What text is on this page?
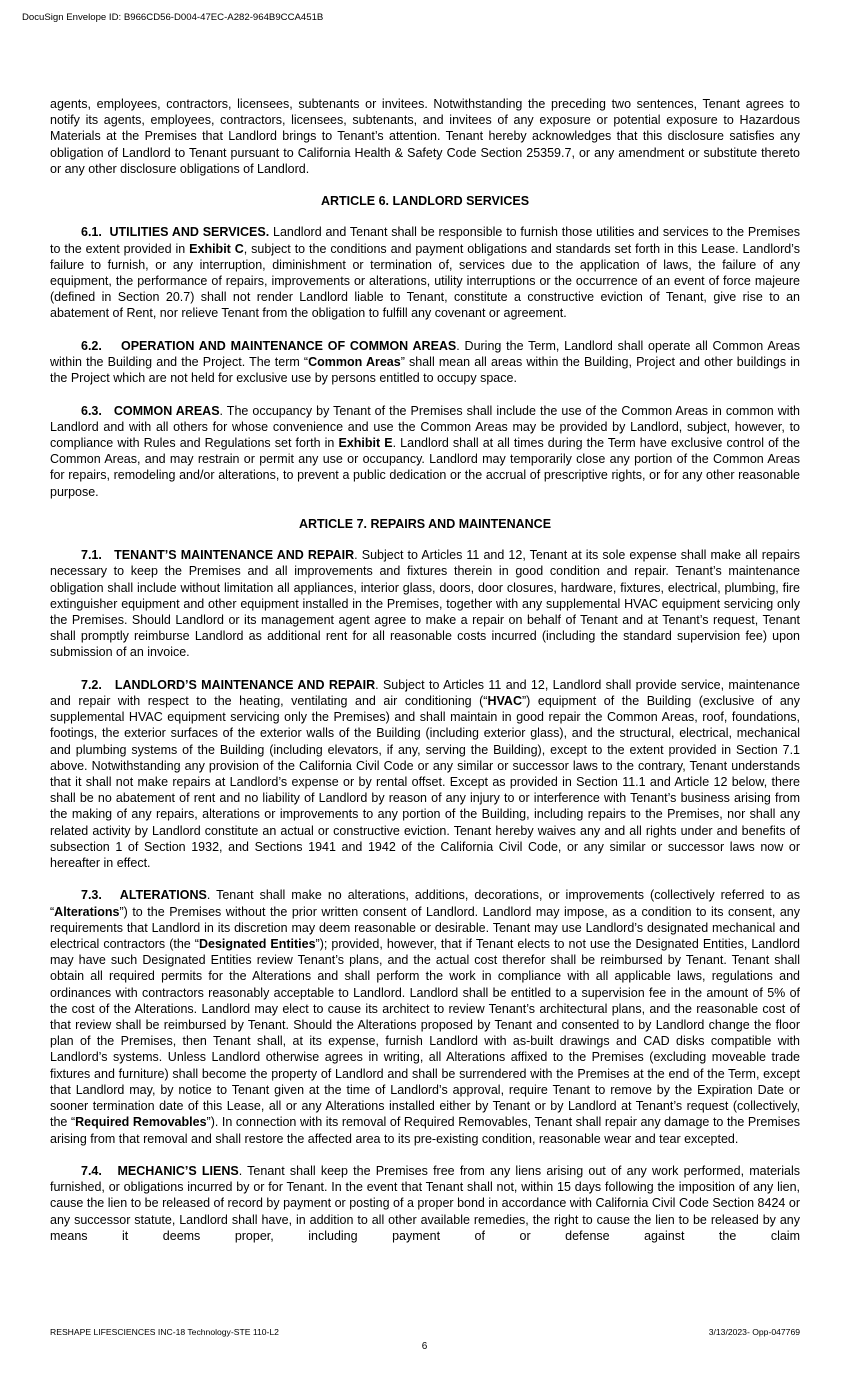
DocuSign Envelope ID: B966CD56-D004-47EC-A282-964B9CCA451B

agents, employees, contractors, licensees, subtenants or invitees. Notwithstanding the preceding two sentences, Tenant agrees to notify its agents, employees, contractors, licensees, subtenants, and invitees of any exposure or potential exposure to Hazardous Materials at the Premises that Landlord brings to Tenant’s attention. Tenant hereby acknowledges that this disclosure satisfies any obligation of Landlord to Tenant pursuant to California Health & Safety Code Section 25359.7, or any amendment or substitute thereto or any other disclosure obligations of Landlord.

ARTICLE 6. LANDLORD SERVICES

6.1.  UTILITIES AND SERVICES. Landlord and Tenant shall be responsible to furnish those utilities and services to the Premises to the extent provided in Exhibit C, subject to the conditions and payment obligations and standards set forth in this Lease. Landlord’s failure to furnish, or any interruption, diminishment or termination of, services due to the application of laws, the failure of any equipment, the performance of repairs, improvements or alterations, utility interruptions or the occurrence of an event of force majeure (defined in Section 20.7) shall not render Landlord liable to Tenant, constitute a constructive eviction of Tenant, give rise to an abatement of Rent, nor relieve Tenant from the obligation to fulfill any covenant or agreement.

6.2.    OPERATION AND MAINTENANCE OF COMMON AREAS. During the Term, Landlord shall operate all Common Areas within the Building and the Project. The term “Common Areas” shall mean all areas within the Building, Project and other buildings in the Project which are not held for exclusive use by persons entitled to occupy space.

6.3.   COMMON AREAS. The occupancy by Tenant of the Premises shall include the use of the Common Areas in common with Landlord and with all others for whose convenience and use the Common Areas may be provided by Landlord, subject, however, to compliance with Rules and Regulations set forth in Exhibit E. Landlord shall at all times during the Term have exclusive control of the Common Areas, and may restrain or permit any use or occupancy. Landlord may temporarily close any portion of the Common Areas for repairs, remodeling and/or alterations, to prevent a public dedication or the accrual of prescriptive rights, or for any other reasonable purpose.

ARTICLE 7. REPAIRS AND MAINTENANCE

7.1.   TENANT’S MAINTENANCE AND REPAIR. Subject to Articles 11 and 12, Tenant at its sole expense shall make all repairs necessary to keep the Premises and all improvements and fixtures therein in good condition and repair. Tenant’s maintenance obligation shall include without limitation all appliances, interior glass, doors, door closures, hardware, fixtures, electrical, plumbing, fire extinguisher equipment and other equipment installed in the Premises, together with any supplemental HVAC equipment servicing only the Premises. Should Landlord or its management agent agree to make a repair on behalf of Tenant and at Tenant’s request, Tenant shall promptly reimburse Landlord as additional rent for all reasonable costs incurred (including the standard supervision fee) upon submission of an invoice.

7.2.   LANDLORD’S MAINTENANCE AND REPAIR. Subject to Articles 11 and 12, Landlord shall provide service, maintenance and repair with respect to the heating, ventilating and air conditioning (“HVAC”) equipment of the Building (exclusive of any supplemental HVAC equipment servicing only the Premises) and shall maintain in good repair the Common Areas, roof, foundations, footings, the exterior surfaces of the exterior walls of the Building (including exterior glass), and the structural, electrical, mechanical and plumbing systems of the Building (including elevators, if any, serving the Building), except to the extent provided in Section 7.1 above. Notwithstanding any provision of the California Civil Code or any similar or successor laws to the contrary, Tenant understands that it shall not make repairs at Landlord’s expense or by rental offset. Except as provided in Section 11.1 and Article 12 below, there shall be no abatement of rent and no liability of Landlord by reason of any injury to or interference with Tenant’s business arising from the making of any repairs, alterations or improvements to any portion of the Building, including repairs to the Premises, nor shall any related activity by Landlord constitute an actual or constructive eviction. Tenant hereby waives any and all rights under and benefits of subsection 1 of Section 1932, and Sections 1941 and 1942 of the California Civil Code, or any similar or successor laws now or hereafter in effect.

7.3.   ALTERATIONS. Tenant shall make no alterations, additions, decorations, or improvements (collectively referred to as “Alterations”) to the Premises without the prior written consent of Landlord. Landlord may impose, as a condition to its consent, any requirements that Landlord in its discretion may deem reasonable or desirable. Tenant may use Landlord’s designated mechanical and electrical contractors (the “Designated Entities”); provided, however, that if Tenant elects to not use the Designated Entities, Landlord may have such Designated Entities review Tenant’s plans, and the actual cost therefor shall be reimbursed by Tenant. Tenant shall obtain all required permits for the Alterations and shall perform the work in compliance with all applicable laws, regulations and ordinances with contractors reasonably acceptable to Landlord. Landlord shall be entitled to a supervision fee in the amount of 5% of the cost of the Alterations. Landlord may elect to cause its architect to review Tenant’s architectural plans, and the reasonable cost of that review shall be reimbursed by Tenant. Should the Alterations proposed by Tenant and consented to by Landlord change the floor plan of the Premises, then Tenant shall, at its expense, furnish Landlord with as-built drawings and CAD disks compatible with Landlord’s systems. Unless Landlord otherwise agrees in writing, all Alterations affixed to the Premises (excluding moveable trade fixtures and furniture) shall become the property of Landlord and shall be surrendered with the Premises at the end of the Term, except that Landlord may, by notice to Tenant given at the time of Landlord’s approval, require Tenant to remove by the Expiration Date or sooner termination date of this Lease, all or any Alterations installed either by Tenant or by Landlord at Tenant’s request (collectively, the “Required Removables”). In connection with its removal of Required Removables, Tenant shall repair any damage to the Premises arising from that removal and shall restore the affected area to its pre-existing condition, reasonable wear and tear excepted.

7.4.   MECHANIC’S LIENS. Tenant shall keep the Premises free from any liens arising out of any work performed, materials furnished, or obligations incurred by or for Tenant. In the event that Tenant shall not, within 15 days following the imposition of any lien, cause the lien to be released of record by payment or posting of a proper bond in accordance with California Civil Code Section 8424 or any successor statute, Landlord shall have, in addition to all other available remedies, the right to cause the lien to be released by any means it deems proper, including payment of or defense against the claim

RESHAPE LIFESCIENCES INC-18 Technology-STE 110-L2	3/13/2023- Opp-047769
6
